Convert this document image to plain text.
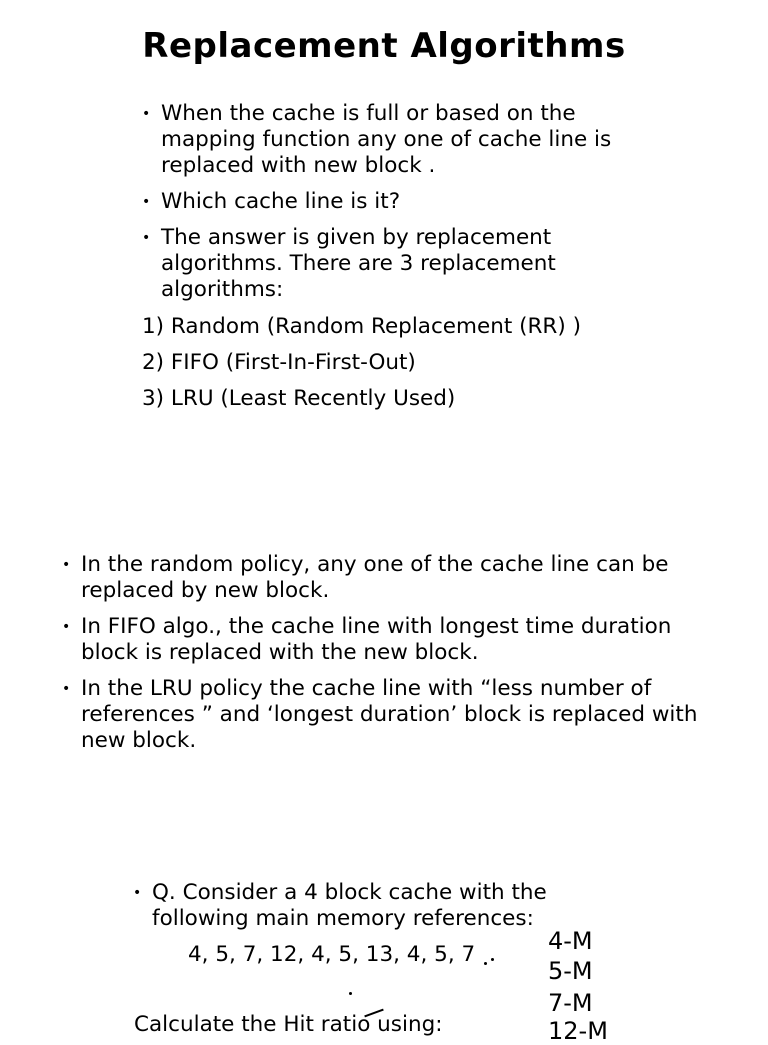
Replacement Algorithms
• When the cache is full or based on the mapping function any one of cache line is replaced with new block .
• Which cache line is it?
• The answer is given by replacement algorithms. There are 3 replacement algorithms:
1) Random (Random Replacement (RR) )
2) FIFO (First-In-First-Out)
3) LRU (Least Recently Used)
• In the random policy, any one of the cache line can be replaced by new block.
• In FIFO algo., the cache line with longest time duration block is replaced with the new block.
• In the LRU policy the cache line with “less number of references ” and ‘longest duration’ block is replaced with new block.
• Q. Consider a 4 block cache with the following main memory references:
4, 5, 7, 12, 4, 5, 13, 4, 5, 7
Calculate the Hit ratio using:
4-M
5-M
7-M
12-M
